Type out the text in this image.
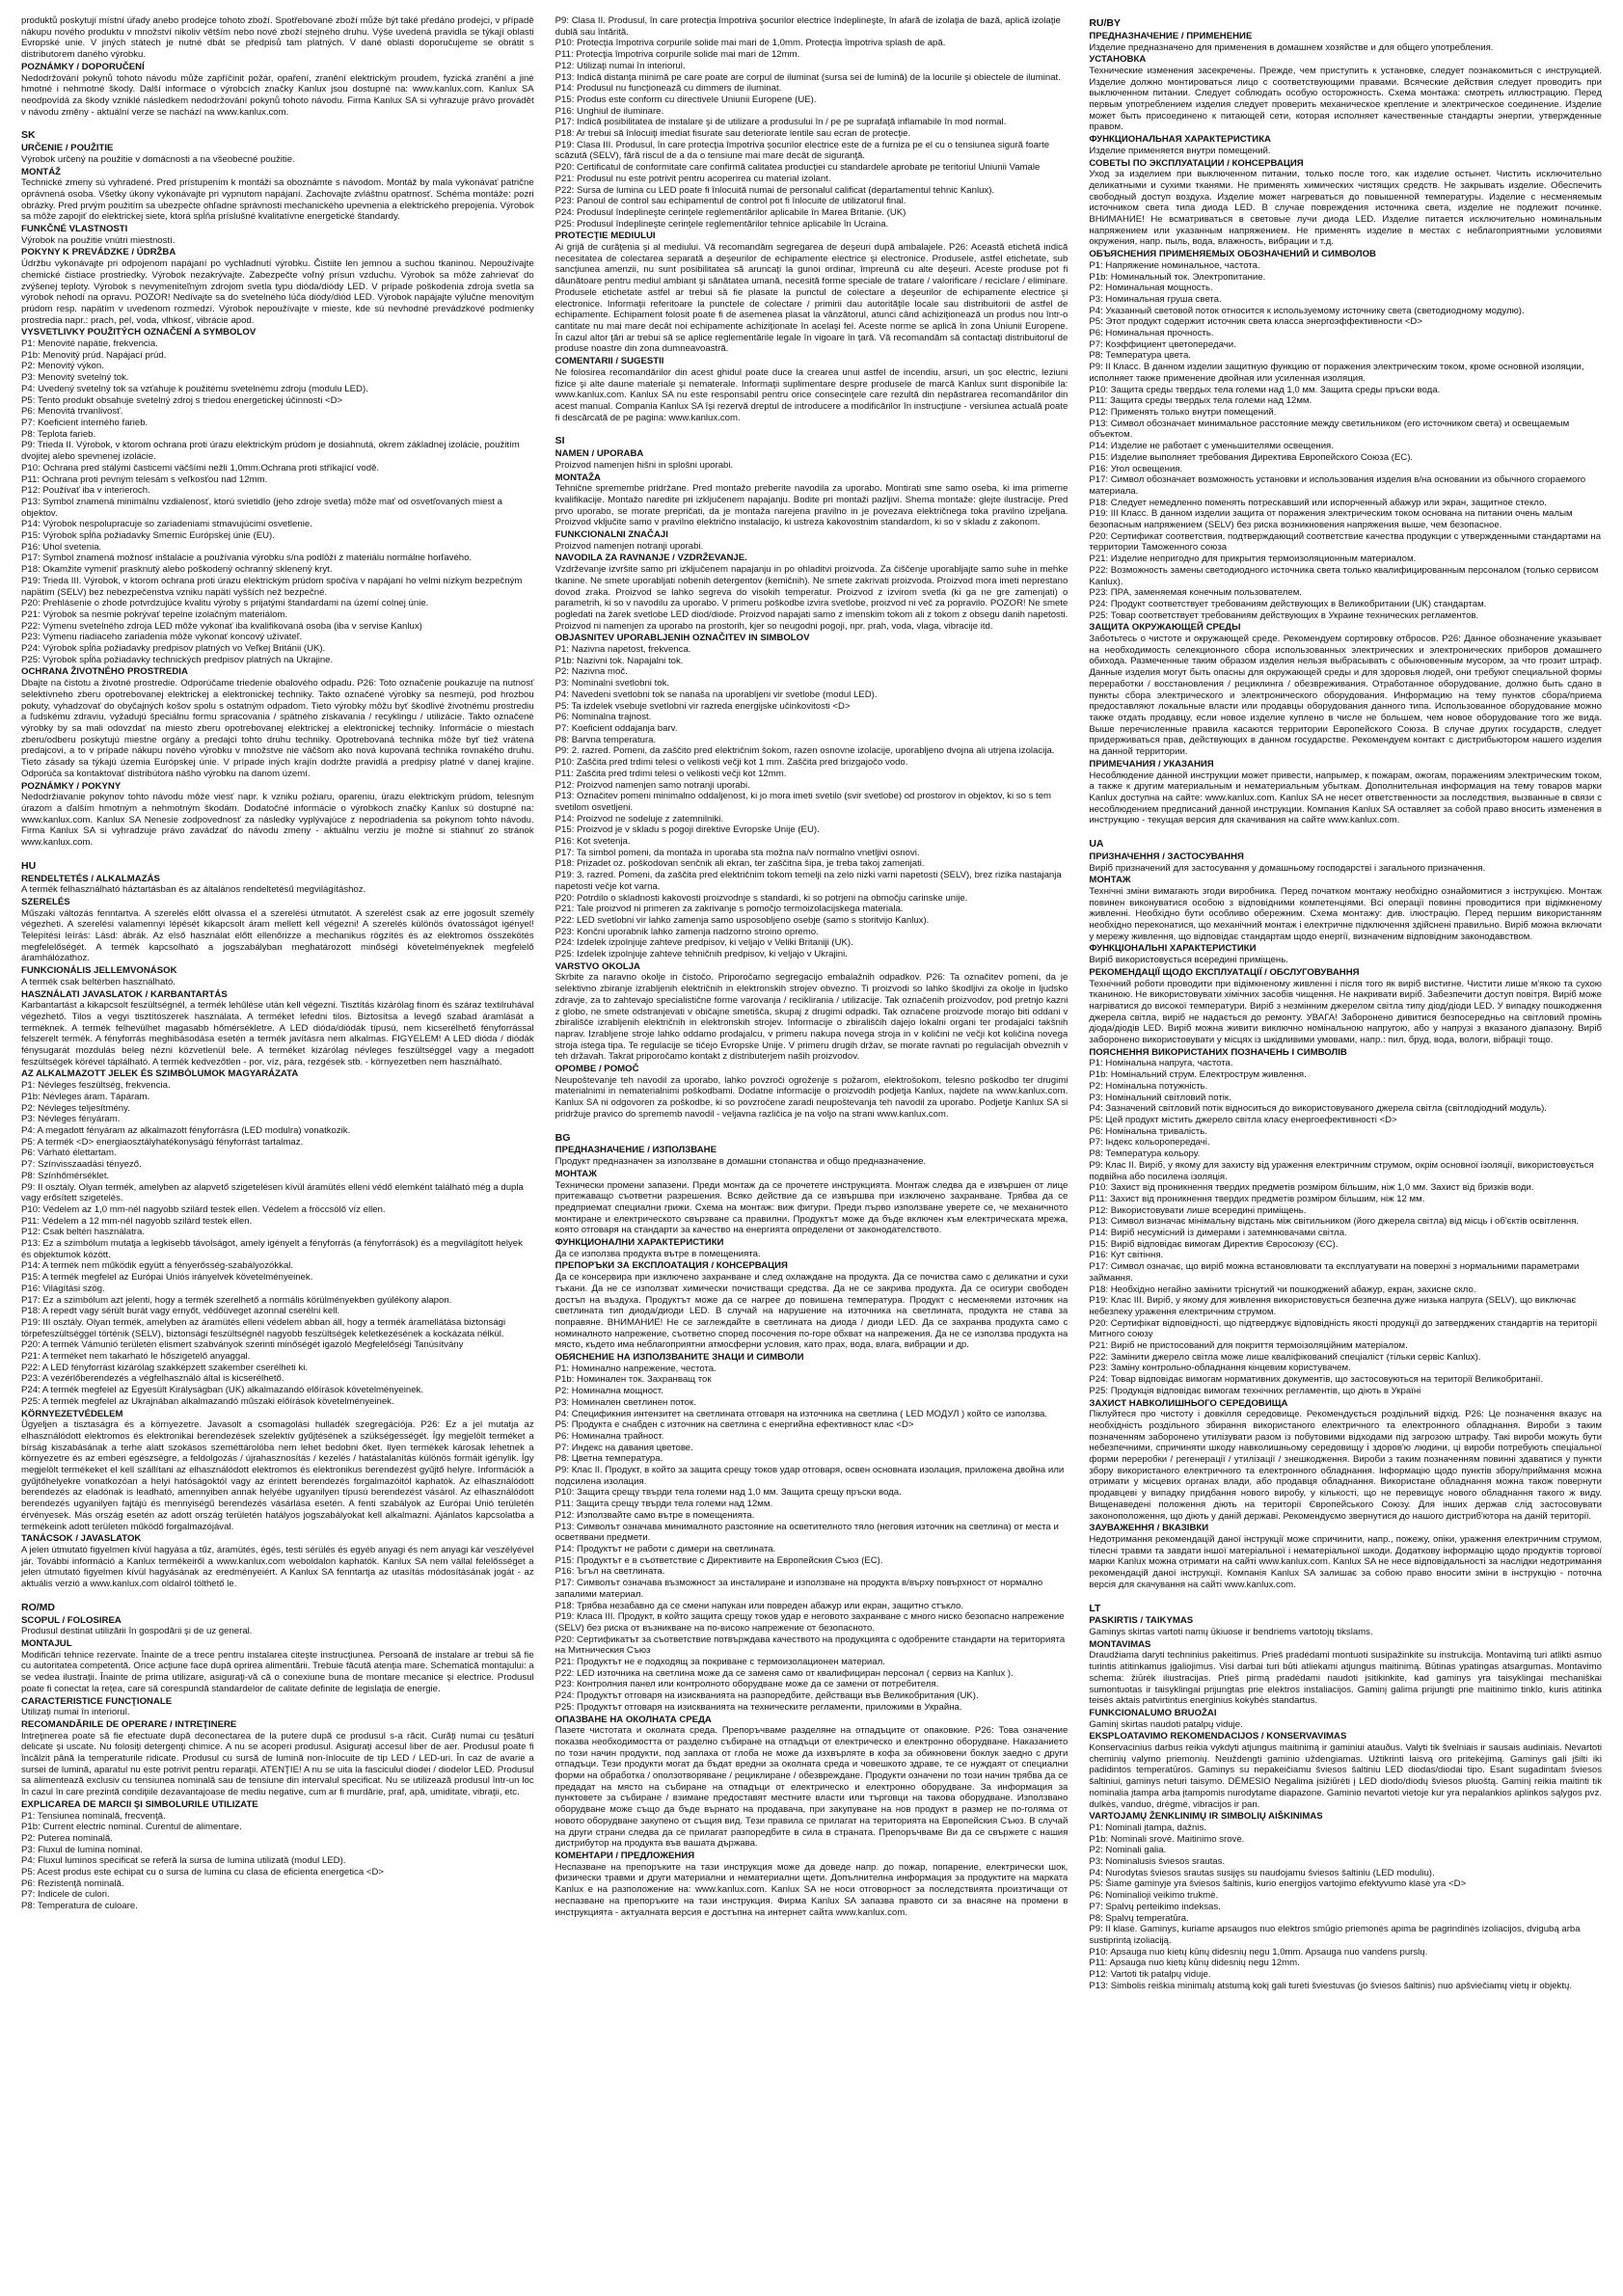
produktů poskytují místní úřady anebo prodejce tohoto zboží. Spotřebované zboží může být také předáno prodejci, v případě nákupu nového produktu v množství nikoliv větším nebo nové zboží stejného druhu. Výše uvedená pravidla se týkají oblasti Evropské unie. V jiných státech je nutné dbát se předpisů tam platných. V dané oblasti doporučujeme se obrátit s distributorem daného výrobku.

POZNÁMKY / DOPORUČENÍ

Nedodržování pokynů tohoto návodu může zapříčinit požár, opaření, zranění elektrickým proudem, fyzická zranění a jiné hmotné i nehmotné škody. Další informace o výrobcích značky Kanlux jsou dostupné na: www.kanlux.com. Kanlux SA neodpovídá za škody vzniklé následkem nedodržování pokynů tohoto návodu. Firma Kanlux SA si vyhrazuje právo provádět v návodu změny - aktuální verze se nachází na www.kanlux.com.

SK
URČENIE / POUŽITIE

Výrobok určený na použitie v domácnosti a na všeobecné použitie.

MONTÁŽ

Technické zmeny sú vyhradené. Pred prístupením k montáži sa oboznámte s návodom. Montáž by mala vykonávať patrične oprávnená osoba. Všetky úkony vykonávajte pri vypnutom napájaní. Zachovajte zvláštnu opatrnosť. Schéma montáže: pozri obrázky. Pred prvým použitím sa ubezpečte ohľadne správnosti mechanického upevnenia a elektrického prepojenia. Výrobok sa môže zapojiť do elektrickej siete, ktorá spĺňa príslušné kvalitatívne energetické štandardy.

FUNKČNÉ VLASTNOSTI

Výrobok na použitie vnútri miestností.

POKYNY K PREVÁDZKE / ÚDRŽBA

Údržbu vykonávajte pri odpojenom napájaní po vychladnutí výrobku. Čistiite len jemnou a suchou tkaninou. Nepoužívajte chemické čistiace prostriedky. Výrobok nezakrývajte. Zabezpečte voľný prísun vzduchu. Výrobok sa môže zahrievať do zvýšenej teploty. Výrobok s nevymeniteľným zdrojom svetla typu dióda/diódy LED. V prípade poškodenia zdroja svetla sa výrobok nehodí na opravu. POZOR! Nedívajte sa do svetelného lúča diódy/diód LED. Výrobok napájajte výlučne menovitým prúdom resp. napätím v uvedenom rozmedzí. Výrobok nepoužívajte v mieste, kde sú nevhodné prevádzkové podmienky prostredia napr.: prach, pel, voda, vlhkosť, vibrácie apod.

VYSVETLIVKY POUŽITÝCH OZNAČENÍ A SYMBOLOV
P1: Menovité napätie, frekvencia.
P1b: Menovitý prúd. Napájací prúd.
P2: Menovitý výkon.
P3: Menovitý svetelný tok.
P4: Uvedený svetelný tok sa vzťahuje k použitému svetelnému zdroju (modulu LED).
P5: Tento produkt obsahuje svetelný zdroj s triedou energetickej účinnosti <D>
P6: Menovitá trvanlivosť.
P7: Koeficient interného farieb.
P8: Teplota farieb.
P9: Trieda II. Výrobok, v ktorom ochrana proti úrazu elektrickým prúdom je dosiahnutá, okrem základnej izolácie, použitím dvojitej alebo spevnenej izolácie.
P10: Ochrana pred stálými časticemi väčšími nežli 1,0mm.Ochrana proti stříkající vodě.
P11: Ochrana proti pevným telesám s veľkosťou nad 12mm.
P12: Používať iba v interieroch.
P13: Symbol znamená minimálnu vzdialenosť, ktorú svietidlo (jeho zdroje svetla) môže mať od osvetľovaných miest a objektov.
P14: Výrobok nespolupracuje so zariadeniami stmavujúcimi osvetlenie.
P15: Výrobok spĺňa požiadavky Smernic Európskej únie (EU).
P16: Uhol svetenia.
P17: Symbol znamená možnosť inštalácie a používania výrobku s/na podlôží z materiálu normálne horľavého.
P18: Okamžite vymeniť prasknutý alebo poškodený ochranný sklenený kryt.
P19: Trieda III. Výrobok, v ktorom ochrana proti úrazu elektrickým prúdom spočíva v napájaní ho velmi nízkym bezpečným napätím (SELV) bez nebezpečenstva vzniku napätí vyšších než bezpečné.
P20: Prehlásenie o zhode potvrdzujúce kvalitu výroby s prijatými štandardami na území colnej únie.
P21: Výrobok sa nesmie pokrývať tepelne izolačným materiálom.
P22: Výmenu svetelného zdroja LED môže vykonať iba kvalifikovaná osoba (iba v servise Kanlux)
P23: Výmenu riadiaceho zariadenia môže vykonať koncový užívateľ.
P24: Výrobok spĺňa požiadavky predpisov platných vo Veľkej Británii (UK).
P25: Výrobok spĺňa požiadavky technických predpisov platných na Ukrajine.
OCHRANA ŽIVOTNÉHO PROSTREDIA

Dbajte na čistotu a životné prostredie. Odporúčame triedenie obalového odpadu. P26: Toto označenie poukazuje na nutnosť selektívneho zberu opotrebovanej elektrickej a elektronickej techniky. Takto označené výrobky sa nesmejú, pod hrozbou pokuty, vyhadzovať do obyčajných košov spolu s ostatným odpadom. Tieto výrobky môžu byť škodlivé životnému prostrediu a ľudskému zdraviu, vyžadujú špeciálnu formu spracovania / spätného získavania / recyklingu / utilizácie. Takto označené výrobky by sa mali odovzdať na miesto zberu opotrebovanej elektrickej a elektronickej techniky. Informácie o miestach zberu/odberu poskytujú miestne orgány a predajci tohto druhu techniky. Opotrebovaná technika môže byť tiež vrátená predajcovi, a to v prípade nákupu nového výrobku v množstve nie väčšom ako nová kupovaná technika rovnakého druhu. Tieto zásady sa týkajú územia Európskej únie. V prípade iných krajín dodržte pravidlá a predpisy platné v danej krajine. Odporúča sa kontaktovať distribútora nášho výrobku na danom území.

POZNÁMKY / POKYNY

Nedodržiavanie pokynov tohto návodu môže viesť napr. k vzniku požiaru, opareniu, úrazu elektrickým prúdom, telesným úrazom a ďalším hmotným a nehmotným škodám. Dodatočné informácie o výrobkoch značky Kanlux sú dostupné na: www.kanlux.com. Kanlux SA Nenesie zodpovednosť za následky vyplývajúce z nepodriadenia sa pokynom tohto návodu. Firma Kanlux SA si vyhradzuje právo zavádzať do návodu zmeny - aktuálnu verziu je možné si stiahnuť zo stránok www.kanlux.com.

HU
RENDELTETÉS / ALKALMAZÁS

A termék felhasználható háztartásban és az általános rendeltetésű megvilágításhoz.

SZERELÉS

Műszaki változás fenntartva. A szerelés előtt olvassa el a szerelési útmutatót. A szerelést csak az erre jogosult személy végezheti. A szerelési valamennyi lépését kikapcsolt áram mellett kell végezni! A szerelés különös óvatosságot igényel! Telepítési leírás: Lásd: ábrák. Az első használat előtt ellenőrizze a mechanikus rögzítés és az elektromos összekötés megfelelőségét. A termék kapcsolható a jogszabályban meghatározott minőségi követelményeknek megfelelő áramhálózathoz.

FUNKCIONÁLIS JELLEMVONÁSOK

A termék csak beltérben használható.

HASZNÁLATI JAVASLATOK / KARBANTARTÁS

Karbantartást a kikapcsolt feszültségnél, a termék lehűlése után kell végezni. Tisztítás kizárólag finom és száraz textilruhával végezhető. Tilos a vegyi tisztítószerek használata. A terméket lefedni tilos. Biztosítsa a levegő szabad áramlását a terméknek. A termék felhevülhet magasabb hőmérsékletre. A LED dióda/diódák típusú, nem kicserélhető fényforrással felszerelt termék. A fényforrás meghibásodása esetén a termék javításra nem alkalmas. FIGYELEM! A LED dióda / diódák fénysugarát mozdulás beleg nézni közvetlenül bele. A terméket kizárólag névleges feszültséggel vagy a megadott feszültségek körével táplálható. A termék kedvezőtlen - por, víz, pára, rezgések stb. - környezetben nem használható.

AZ ALKALMAZOTT JELEK ÉS SZIMBÓLUMOK MAGYARÁZATA
P1: Névleges feszültség, frekvencia.
P1b: Névleges áram. Tápáram.
P2: Névleges teljesítmény.
P3: Névleges fényáram.
P4: A megadott fényáram az alkalmazott fényforrásra (LED modulra) vonatkozik.
P5: A termék <D> energiaosztályhatékonyságú fényforrást tartalmaz.
P6: Várható élettartam.
P7: Színvisszaadási tényező.
P8: Színhőmérséklet.
P9: II osztály. Olyan termék, amelyben az alapvető szigetelésen kívül áramütés elleni védő elemként található még a dupla vagy erősített szigetelés.
P10: Védelem az 1,0 mm-nél nagyobb szilárd testek ellen. Védelem a fröccsölő víz ellen.
P11: Védelem a 12 mm-nél nagyobb szilárd testek ellen.
P12: Csak beltéri használatra.
P13: Ez a szimbólum mutatja a legkisebb távolságot, amely igényelt a fényforrás (a fényforrások) és a megvilágított helyek és objektumok között.
P14: A termék nem működik együtt a fényerősség-szabályozókkal.
P15: A termék megfelel az Európai Uniós irányelvek követelményeinek.
P16: Világítási szög.
P17: Ez a szimbólum azt jelenti, hogy a termék szerelhető a normális körülményekben gyúlékony alapon.
P18: A repedt vagy sérült burát vagy ernyőt, védőüveget azonnal cserélni kell.
P19: III osztály. Olyan termék, amelyben az áramütés elleni védelem abban áll, hogy a termék áramellátása biztonsági törpefeszültséggel történik (SELV), biztonsági feszültségnél nagyobb feszültségek keletkezésének a kockázata nélkül.
P20: A termék Vámunió területén elismert szabványok szerinti minőségét igazoló Megfelelőségi Tanúsítvány
P21: A terméket nem takarható le hőszigetelő anyaggal.
P22: A LED fényforrást kizárólag szakképzett szakember cserélheti ki.
P23: A vezérlőberendezés a végfelhasználó által is kicserélhető.
P24: A termék megfelel az Egyesült Királyságban (UK) alkalmazandó előírások követelményeinek.
P25: A termék megfelel az Ukrajnában alkalmazandó műszaki előírások követelményeinek.
KÖRNYEZETVÉDELEM

Ügyeljen a tisztaságra és a környezetre. Javasolt a csomagolási hulladék szegregációja. P26: Ez a jel mutatja az elhasználódott elektromos és elektronikai berendezések szelektív gyűjtésének a szükségességét. Így megjelölt terméket a bírság kiszabásának a terhe alatt szokásos szeméttárolóba nem lehet bedobni őket. Ilyen termékek károsak lehetnek a környezetre és az emberi egészségre, a feldolgozás / újrahasznosítás / kezelés / hatástalanítás különös formáit igénylik. Így megjelölt termékeket el kell szállítani az elhasználódott elektromos és elektronikus berendezést gyűjtő helyre. Információk a gyűjtőhelyekre vonatkozóan a helyi hatóságoktól vagy az érintett berendezés forgalmazóitól kaphatók. Az elhasználódott berendezés az eladónak is leadható, amennyiben annak helyébe ugyanilyen típusú berendezést vásárol. Az elhasználódott berendezés ugyanilyen fajtájú és mennyiségű berendezés vásárlása esetén. A fenti szabályok az Európai Unió területén érvényesek. Más ország esetén az adott ország területén hatályos jogszabályokat kell alkalmazni. Ajánlatos kapcsolatba a termékeink adott területen működő forgalmazójával.

TANÁCSOK / JAVASLATOK

A jelen útmutató figyelmen kívül hagyása a tűz, áramütés, égés, testi sérülés és egyéb anyagi és nem anyagi kár veszélyével jár. További információ a Kanlux termékeiről a www.kanlux.com weboldalon kaphatók. Kanlux SA nem vállal felelősséget a jelen útmutató figyelmen kívül hagyásának az eredményeiért. A Kanlux SA fenntartja az utasítás módosításának jogát - az aktuális verzió a www.kanlux.com oldalról tölthető le.

RO/MD
SCOPUL / FOLOSIREA

Produsul destinat utilizării în gospodării şi de uz general.

MONTAJUL

Modificări tehnice rezervate. Înainte de a trece pentru instalarea citeşte instrucţiunea. Persoană de instalare ar trebui să fie cu autoritatea competentă. Orice acţiune face după oprirea alimentării. Trebuie făcută atenţia mare. Schematică montajului: a se vedea ilustraţii. Înainte de prima utilizare, asiguraţi-vă că o conexiune buna de montare mecanice şi electrice. Produsul poate fi conectat la reţea, care să corespundă standardelor de calitate definite de legislaţia de energie.

CARACTERISTICE FUNCŢIONALE

Utilizaţi numai în interiorul.

RECOMANDĂRILE DE OPERARE / INTREŢINERE

Intreţinerea poate să fie efectuate după deconectarea de la putere după ce produsul s-a răcit. Curăţi numai cu ţesături delicate şi uscate. Nu folosiţi detergenţi chimice. A nu se acoperi produsul. Asiguraţi accesul liber de aer. Produsul poate fi încălzit până la temperaturile ridicate. Produsul cu sursă de lumină non-înlocuite de tip LED / LED-uri. În caz de avarie a sursei de lumină, aparatul nu este potrivit pentru reparaţii. ATENŢIE! A nu se uita la fasciculul diodei / diodelor LED. Produsul sa alimentează exclusiv cu tensiunea nominală sau de tensiune din intervalul specificat. Nu se utilizează produsul într-un loc în cazul în care prezintă condiţiile dezavantajoase de mediu negative, cum ar fi murdărie, praf, apă, umiditate, vibraţii, etc.

EXPLICAREA DE MARCII ŞI SIMBOLURILE UTILIZATE
P1: Tensiunea nominală, frecvenţă.
P1b: Current electric nominal. Curentul de alimentare.
P2: Puterea nominală.
P3: Fluxul de lumina nominal.
P4: Fluxul luminos specificat se referă la sursa de lumina utilizată (modul LED).
P5: Acest produs este echipat cu o sursa de lumina cu clasa de eficienta energetica <D>
P6: Rezistenţă nominală.
P7: Indicele de culori.
P8: Temperatura de culoare.
P9: Clasa II. Produsul, în care protecţia împotriva şocurilor electrice îndeplineşte, în afară de izolaţia de bază, aplică izolaţie dublă sau întărită.
P10: Protecţia împotriva corpurile solide mai mari de 1,0mm. Protecţia împotriva splash de apă.
P11: Protecţia împotriva corpurile solide mai mari de 12mm.
P12: Utilizaţi numai în interiorul.
P13: Indică distanţa minimă pe care poate are corpul de iluminat (sursa sei de lumină) de la locurile şi obiectele de iluminat.
P14: Produsul nu funcţionează cu dimmers de iluminat.
P15: Produs este conform cu directivele Uniunii Europene (UE).
P16: Unghiul de iluminare.
P17: Indică posibilitatea de instalare şi de utilizare a produsului în / pe pe suprafaţă inflamabile în mod normal.
P18: Ar trebui să înlocuiţi imediat fisurate sau deteriorate lentile sau ecran de protecţie.
P19: Clasa III. Produsul, în care protecţia împotriva şocurilor electrice este de a furniza pe el cu o tensiunea sigură foarte scăzută (SELV), fără riscul de a da o tensiune mai mare decât de siguranţă.
P20: Certificatul de conformitate care confirmă calitatea producţiei cu standardele aprobate pe teritoriul Uniunii Vamale
P21: Produsul nu este potrivit pentru acoperirea cu material izolant.
P22: Sursa de lumina cu LED poate fi înlocuită numai de personalul calificat (departamentul tehnic Kanlux).
P23: Panoul de control sau echipamentul de control pot fi înlocuite de utilizatorul final.
P24: Produsul îndeplineşte cerinţele reglementărilor aplicabile în Marea Britanie. (UK)
P25: Produsul îndeplineşte cerinţele reglementărilor tehnice aplicabile în Ucraina.
PROTECŢIE MEDIULUI

Ai grijă de curăţenia şi al mediului. Vă recomandăm segregarea de deşeuri după ambalajele. P26: Această etichetă indică necesitatea de colectarea separată a deşeurilor de echipamente electrice şi electronice. Produsele, astfel etichetate, sub sancţiunea amenzii, nu sunt posibilitatea să aruncaţi la gunoi ordinar, împreună cu alte deşeuri. Aceste produse pot fi dăunătoare pentru mediul ambiant şi sănătatea umană, necesită forme speciale de tratare / valorificare / reciclare / eliminare. Produsele etichetate astfel ar trebui să fie plasate la punctul de colectare a deşeurilor de echipamente electrice şi electronice. Informaţii referitoare la punctele de colectare / primirii dau autorităţile locale sau distribuitorii de astfel de echipamente. Echipament folosit poate fi de asemenea plasat la vânzătorul, atunci când achiziţionează un produs nou într-o cantitate nu mai mare decât noi echipamente achiziţionate în acelaşi fel. Aceste norme se aplică în zona Uniunii Europene. În cazul altor ţări ar trebui să se aplice reglementările legale în vigoare în ţară. Vă recomandăm să contactaţi distribuitorul de produse noastre din zona dumneavoastră.

COMENTARII / SUGESTII

Ne folosirea recomandărilor din acest ghidul poate duce la crearea unui astfel de incendiu, arsuri, un şoc electric, leziuni fizice şi alte daune materiale şi nematerale. Informaţii suplimentare despre produsele de marcă Kanlux sunt disponibile la: www.kanlux.com. Kanlux SA nu este responsabil pentru orice consecinţele care rezultă din nepăstrarea recomandărilor din acest manual. Compania Kanlux SA îşi rezervă dreptul de introducere a modificărilor în instrucţiune - versiunea actuală poate fi descărcată de pe pagina: www.kanlux.com.

SI
NAMEN / UPORABA

Proizvod namenjen hišni in splošni uporabi.

MONTAŽA

Tehnične spremembe pridržane. Pred montažo preberite navodila za uporabo. Montirati sme samo oseba, ki ima primerne kvalifikacije. Montažo naredite pri izključenem napajanju. Bodite pri montaži pazljivi. Shema montaže: glejte ilustracije. Pred prvo uporabo, se morate prepričati, da je montaža narejena pravilno in je povezava električnega toka pravilno izpeljana. Proizvod vključite samo v pravilno električno instalacijo, ki ustreza kakovostnim standardom, ki so v skladu z zakonom.

FUNKCIONALNI ZNAČAJI

Proizvod namenjen notranji uporabi.

NAVODILA ZA RAVNANJE / VZDRŽEVANJE.

Vzdrževanje izvršite samo pri izključenem napajanju in po ohladitvi proizvoda. Za čiščenje uporabljajte samo suhe in mehke tkanine. Ne smete uporabljati nobenih detergentov (kemičnih). Ne smete zakrivati proizvoda. Proizvod mora imeti neprestano dovod zraka. Proizvod se lahko segreva do visokih temperatur. Proizvod z izvirom svetla (ki ga ne gre zamenjati) o parametrih, ki so v navodilu za uporabo. V primeru poškodbe izvira svetlobe, proizvod ni več za popravilo. POZOR! Ne smete pogledati na žarek svetlobe LED diod/diode. Proizvod napajati samo z imenskim tokom ali z tokom z obsegu danih napetosti. Proizvod ni namenjen za uporabo na prostorih, kjer so neugodni pogoji, npr. prah, voda, vlaga, vibracije itd.

OBJASNITEV UPORABLJENIH OZNAČITEV IN SIMBOLOV
P1: Nazivna napetost, frekvenca.
P1b: Nazivni tok. Napajalni tok.
P2: Nazivna moč.
P3: Nominalni svetlobni tok.
P4: Navedeni svetlobni tok se nanaša na uporabljeni vir svetlobe (modul LED).
P5: Ta izdelek vsebuje svetlobni vir razreda energijske učinkovitosti <D>
P6: Nominalna trajnost.
P7: Koeficient oddajanja barv.
P8: Barvna temperatura.
P9: 2. razred. Pomeni, da zaščito pred električnim šokom, razen osnovne izolacije, uporabljeno dvojna ali utrjena izolacija.
P10: Zaščita pred trdimi telesi o velikosti večji kot 1 mm. Zaščita pred brizgajočo vodo.
P11: Zaščita pred trdimi telesi o velikosti večji kot 12mm.
P12: Proizvod namenjen samo notranji uporabi.
P13: Označitev pomeni minimalno oddaljenost, ki jo mora imeti svetilo (svir svetlobe) od prostorov in objektov, ki so s tem svetilom osvetljeni.
P14: Proizvod ne sodeluje z zatemnilniki.
P15: Proizvod je v skladu s pogoji direktive Evropske Unije (EU).
P16: Kot svetenja.
P17: Ta simbol pomeni, da montaža in uporaba sta možna na/v normalno vnetljivi osnovi.
P18: Prizadet oz. poškodovan senčnik ali ekran, ter zaščitna šipa, je treba takoj zamenjati.
P19: 3. razred. Pomeni, da zaščita pred električnim tokom temelji na zelo nizki varni napetosti (SELV), brez rizika nastajanja napetosti večje kot varna.
P20: Potrdilo o skladnosti kakovosti proizvodnje s standardi, ki so potrjeni na območju carinske unije.
P21: Tale proizvod ni primeren za zakrivanje s pomočjo termoizolacijskega materiala.
P22: LED svetlobni vir lahko zamenja samo usposobljeno osebje (samo s storitvijo Kanlux).
P23: Končni uporabnik lahko zamenja nadzorno stroino opremo.
P24: Izdelek izpolnjuje zahteve predpisov, ki veljajo v Veliki Britaniji (UK).
P25: Izdelek izpolnjuje zahteve tehničnih predpisov, ki veljajo v Ukrajini.
VARSTVO OKOLJA

Skrbite za naravno okolje in čistočo. Priporočamo segregacijo embalažnih odpadkov. P26: Ta označitev pomeni, da je selektivno zbiranje izrabljenih električnih in elektronskih strojev obvezno. Ti proizvodi so lahko škodljivi za okolje in ljudsko zdravje, za to zahtevajo specialistične forme varovanja / reciklirania / utilizacije. Tak označenih proizvodov, pod pretnjo kazni z globo, ne smete odstranjevati v običajne smetiščа, skupaj z drugimi odpadki. Tak označene proizvode morajo biti oddani v zbirališče izrabljenih električnih in elektronskih strojev. Informacije o zbirališčih dajejo lokalni organi ter prodajalci takšnih naprav. Izrabljene stroje lahko oddamo prodajalcu, v primeru nakupa novega stroja in v količini ne večji kot količina novega stroja istega tipa. Te regulacije se tičejo Evropske Unije. V primeru drugih držav, se morate ravnati po regulacijah obveznih v teh državah. Takrat priporočamo kontakt z distributerjem naših proizvodov.

OPOMBE / POMOČ

Neupoštevanje teh navodil za uporabo, lahko povzroči ogroženje s požarom, elektrošokom, telesno poškodbo ter drugimi materialnimi in nematerialnimi poškodbami. Dodatne informacije o proizvodih podjetja Kanlux, najdete na www.kanlux.com. Kanlux SA ni odgovoren za poškodbe, ki so povzročene zaradi neupoštevanja teh navodil za uporabo. Podjetje Kanlux SA si pridržuje pravico do sprememb navodil - veljavna različica je na voljo na strani www.kanlux.com.

BG
ПРЕДНАЗНАЧЕНИЕ / ИЗПОЛЗВАНЕ

Продукт предназначен за използване в домашни стопанства и общо предназначение.

МОНТАЖ

Технически промени запазени. Преди монтаж да се прочетете инструкцията. Монтаж следва да е извършен от лице притежаващо съответни разрешения. Всяко действие да се извършва при изключено захранване. Трябва да се предприемат специални грижи. Схема на монтаж: виж фигури. Преди първо използване уверете се, че механичното монтиране и електрическото свързване са правилни. Продуктът може да бъде включен към електрическата мрежа, която отговаря на стандарти за качество на енергията определени от законодателството.

ФУНКЦИОНАЛНИ ХАРАКТЕРИСТИКИ

Да се използва продукта вътре в помещенията.

ПРЕПОРЪКИ ЗА ЕКСПЛОАТАЦИЯ / КОНСЕРВАЦИЯ

Да се консервира при изключено захранване и след охлаждане на продукта. Да се почиства само с деликатни и сухи тъкани. Да не се използват химически почистващи средства. Да не се закрива продукта. Да се осигури свободен достъп на въздуха. Продуктът може да се нагрее до повишена температура. Продукт с несменяеми източник на светлината тип диода/диоди LED. В случай на нарушение на източника на светлината, продукта не става за поправяне. ВНИМАНИЕ! Не се заглеждайте в светлината на диода / диоди LED. Да се захранва продукта само с номиналното напрежение, съответно според посочения по-горе обхват на напрежения. Да не се използва продукта на място, където има неблагоприятни атмосферни условия, като прах, вода, влага, вибрации и др.

ОБЯСНЕНИЕ НА ИЗПОЛЗВАНИТЕ ЗНАЦИ И СИМВОЛИ
P1: Номинално напрежение, честота.
P1b: Номинален ток. Захранващ ток
P2: Номинална мощност.
P3: Номинален светлинен поток.
P4: Спецификния интензитет на светлината отговаря на източника на светлина ( LED МОДУЛ ) който се използва.
P5: Продукта е снабден с източник на светлина с енергийна ефективност клас <D>
P6: Номинална трайност.
P7: Индекс на давания цветове.
P8: Цветна температура.
P9: Клас II. Продукт, в който за защита срещу токов удар отговаря, освен основната изолация, приложена двойна или подсилена изолация.
P10: Защита срещу твърди тела големи над 1,0 мм. Защита срещу пръски вода.
P11: Защита срещу твърди тела големи над 12мм.
P12: Използвайте само вътре в помещенията.
P13: Символът означава минималното разстояние на осветителното тяло (неговия източник на светлина) от места и осветявани предмети.
P14: Продуктът не работи с димери на светлината.
P15: Продуктът е в съответствие с Директивите на Европейския Съюз (ЕС).
P16: Ъгъл на светлината.
P17: Символът означава възможност за инсталиране и използване на продукта в/върху повърхност от нормално запалими материал.
P18: Трябва незабавно да се смени напукан или повреден абажур или екран, защитно стъкло.
P19: Класа III. Продукт, в който защита срещу токов удар е неговото захранване с много ниско безопасно напрежение (SELV) без риска от възникване на по-високо напрежение от безопасното.
P20: Сертификатът за съответствие потвърждава качеството на продукцията с одобрените стандарти на територията на Митническия Съюз
P21: Продуктът не е подходящ за покриване с термоизолационен материал.
P22: LED източника на светлина може да се заменя само от квалифициран персонал ( сервиз на Kanlux ).
P23: Контролния панел или контролното оборудване може да се замени от потребителя.
P24: Продуктът отговаря на изискванията на разпоредбите, действащи във Великобритания (UK).
P25: Продуктът отговаря на изискванията на техническите регламенти, приложими в Украйна.
ОПАЗВАНЕ НА ОКОЛНАТА СРЕДА

Пазете чистотата и околната среда. Препоръчваме разделяне на отпадъците от опаковкие. P26: Това означение показва необходимостта от разделно събиране на отпадъци от електрическо и електронно оборудване. Наказанието по този начин продукти, под заплаха от глоба не може да изхвърляте в кофа за обикновени боклук заедно с други отпадъци. Тези продукти могат да бъдат вредни за околната среда и човешкото здраве, те се нуждаят от специални форми на обработка / оползотворяване / рециклиране / обезвреждане. Продукти означени по този начин трябва да се предадат на място на събиране на отпадъци от електрическо и електронно оборудване. За информация за пунктовете за събиране / взимане предоставят местните власти или търговци на такова оборудване. Използвано оборудване може също да бъде върнато на продавача, при закупуване на нов продукт в размер не по-голяма от новото оборудване закупено от същия вид. Тези правила се прилагат на територията на Европейския Съюз. В случай на други страни следва да се прилагат разпоредбите в сила в страната. Препоръчваме Ви да се свържете с нашия дистрибутор на продукта във вашата държава.

КОМЕНТАРИ / ПРЕДЛОЖЕНИЯ

Неспазване на препоръките на тази инструкция може да доведе напр. до пожар, попарение, електрически шок, физически травми и други материални и нематериални щети. Допълнителна информация за продуктите на марката Kanlux е на разположение на: www.kanlux.com. Kanlux SA не носи отговорност за последствията произтичащи от неспазване на препоръките на тази инструкция. Фирма Kanlux SA запазва правото си за внасяне на промени в инструкцията - актуалната версия е достъпна на интернет сайта www.kanlux.com.

RU/BY
ПРЕДНАЗНАЧЕНИЕ / ПРИМЕНЕНИЕ

Изделие предназначено для применения в домашнем хозяйстве и для общего употребления.

УСТАНОВКА

Технические изменения засекречены. Прежде, чем приступить к установке, следует познакомиться с инструкцией. Изделие должно монтироваться лицо с соответствующими правами. Всяческие действия следует проводить при выключенном питании. Следует соблюдать особую осторожность. Схема монтажа: смотреть иллюстрацию. Перед первым употреблением изделия следует проверить механическое крепление и электрическое соединение. Изделие может быть присоединено к питающей сети, которая исполняет качественные стандарты энергии, утвержденные правом.

ФУНКЦИОНАЛЬНАЯ ХАРАКТЕРИСТИКА

Изделие применяется внутри помещений.

СОВЕТЫ ПО ЭКСПЛУАТАЦИИ / КОНСЕРВАЦИЯ

Уход за изделием при выключенном питании, только после того, как изделие остынет. Чистить исключительно деликатными и сухими тканями. Не применять химических чистящих средств. Не закрывать изделие. Обеспечить свободный доступ воздуха. Изделие может нагреваться до повышенной температуры. Изделие с несменяемым источником света типа диода LED. В случае повреждения источника света, изделие не подлежит починке. ВНИМАНИЕ! Не всматриваться в световые лучи диода LED. Изделие питается исключительно номинальным напряжением или указанным напряжением. Не применять изделие в местах с неблагоприятными условиями окружения, напр. пыль, вода, влажность, вибрации и т.д.

ОБЪЯСНЕНИЯ ПРИМЕНЯЕМЫХ ОБОЗНАЧЕНИЙ И СИМВОЛОВ
P1: Напряжение номинальное, частота.
P1b: Номинальный ток. Электропитание.
P2: Номинальная мощность.
P3: Номинальная груша света.
P4: Указанный световой поток относится к используемому источнику света (светодиодному модулю).
P5: Этот продукт содержит источник света класса энергоэффективности <D>
P6: Номинальная прочность.
P7: Коэффициент цветопередачи.
P8: Температура цвета.
P9: II Класс. В данном изделии защитную функцию от поражения электрическим током, кроме основной изоляции, исполняет также применение двойная или усиленная изоляция.
P10: Защита среды твердых тела големи над 1,0 мм. Защита среды пръски вода.
P11: Защита среды твердых тела големи над 12мм.
P12: Применять только внутри помещений.
P13: Символ обозначает минимальное расстояние между светильником (его источником света) и освещаемым объектом.
P14: Изделие не работает с уменьшителями освещения.
P15: Изделие выполняет требования Директива Европейского Союза (ЕС).
P16: Угол освещения.
P17: Символ обозначает возможность установки и использования изделия в/на основании из обычного сгораемого материала.
P18: Следует немедленно поменять потрескавший или испорченный абажур или экран, защитное стекло.
P19: III Класс. В данном изделии защита от поражения электрическим током основана на питании очень малым безопасным напряжением (SELV) без риска возникновения напряжения выше, чем безопасное.
P20: Сертификат соответствия, подтверждающий соответствие качества продукции с утвержденными стандартами на территории Таможенного союза
P21: Изделие непригодно для прикрытия термоизоляционным материалом.
P22: Возможность замены светодиодного источника света только квалифицированным персоналом (только сервисом Kanlux).
P23: ПРА, заменяемая конечным пользователем.
P24: Продукт соответствует требованиям действующих в Великобритании (UK) стандартам.
P25: Товар соответствует требованиям действующих в Украине технических регламентов.
ЗАЩИТА ОКРУЖАЮЩЕЙ СРЕДЫ

Заботьтесь о чистоте и окружающей среде. Рекомендуем сортировку отбросов. P26: Данное обозначение указывает на необходимость селекционного сбора использованных электрических и электронических приборов домашнего обихода. Размеченные таким образом изделия нельзя выбрасывать с обыкновенным мусором, за что грозит штраф. Данные изделия могут быть опасны для окружающей среды и для здоровья людей, они требуют специальной формы переработки / восстановления / рециклинга / обезвреживания. Отработанное оборудование, должно быть сдано в пункты сбора электрического и электронического оборудования. Информацию на тему пунктов сбора/приема предоставляют локальные власти или продавцы оборудования данного типа. Использованное оборудование можно также отдать продавцу, если новое изделие куплено в числе не большем, чем новое оборудование того же вида. Выше перечисленные правила касаются территории Европейского Союза. В случае других государств, следует придерживаться прав, действующих в данном государстве. Рекомендуем контакт с дистрибьютором нашего изделия на данной территории.

ПРИМЕЧАНИЯ / УКАЗАНИЯ

Несоблюдение данной инструкции может привести, напрымер, к пожарам, ожогам, поражениям электрическим током, а также к другим материальным и нематериальным убыткам. Дополнительная информация на тему товаров марки Kanlux доступна на сайте: www.kanlux.com. Kanlux SA не несет ответственности за последствия, вызванные в связи с несоблюдением предписаний данной инструкции. Компания Kanlux SA оставляет за собой право вносить изменения в инструкцию - текущая версия для скачивания на сайте www.kanlux.com.

UA
ПРИЗНАЧЕННЯ / ЗАСТОСУВАННЯ

Виріб призначений для застосування у домашньому господарстві і загального призначення.

МОНТАЖ

Технічні зміни вимагають згоди виробника. Перед початком монтажу необхідно ознайомитися з інструкцією. Монтаж повинен виконуватися особою з відповідними компетенціями. Всі операції повинні проводитися при відімкненому живленні. Необхідно бути особливо обережним. Схема монтажу: див. ілюстрацію. Перед першим використанням необхідно переконатися, що механічний монтаж і електричне підключення здійснені правильно. Виріб можна включати у мережу живлення, що відповідає стандартам щодо енергії, визначеним відповідним законодавством.

ФУНКЦІОНАЛЬНІ ХАРАКТЕРИСТИКИ

Виріб використовується всередині приміщень.

РЕКОМЕНДАЦІЇ ЩОДО ЕКСПЛУАТАЦІЇ / ОБСЛУГОВУВАННЯ

Технічний роботи проводити при відімкненому живленні і після того як виріб вистигне. Чистити лише м'якою та сухою тканиною. Не використовувати хімічних засобів чищення. Не накривати виріб. Забезпечити доступ повітря. Виріб може нагріватися до високої температури. Виріб з незмінним джерелом світла типу діод/діоди LED. У випадку пошкодження джерела світла, виріб не надається до ремонту. УВАГА! Заборонено дивитися безпосередньо на світловий промінь діода/діодів LED. Виріб можна живити виключно номінальною напругою, або у напрузі з вказаного діапазону. Виріб заборонено використовувати у місцях із шкідливими умовами, напр.: пил, бруд, вода, вологи, вібрації тощо.

ПОЯСНЕННЯ ВИКОРИСТАНИХ ПОЗНАЧЕНЬ І СИМВОЛІВ
P1: Номінальна напруга, частота.
P1b: Номінальний струм. Електрострум живлення.
P2: Номінальна потужність.
P3: Номінальний світловий потік.
P4: Зазначений світловий потік відноситься до використовуваного джерела світла (світлодіодний модуль).
P5: Цей продукт містить джерело світла класу енергоефективності <D>
P6: Номінальна тривалість.
P7: Індекс кольоропередачі.
P8: Температура кольору.
P9: Клас II. Виріб, у якому для захисту від ураження електричним струмом, окрім основної ізоляції, використовується подвійна або посилена ізоляція.
P10: Захист від проникнення твердих предметів розміром більшим, ніж 1,0 мм. Захист від бризків води.
P11: Захист від проникнення твердих предметів розміром більшим, ніж 12 мм.
P12: Використовувати лише всередині приміщень.
P13: Символ визначає мінімальну відстань між світильником (його джерела світла) від місць і об'єктів освітлення.
P14: Виріб несумісний із димерами і затемнювачами світла.
P15: Виріб відповідає вимогам Директив Євросоюзу (ЄС).
P16: Кут світіння.
P17: Символ означає, що виріб можна встановлювати та експлуатувати на поверхні з нормальними параметрами займання.
P18: Необхідно негайно замінити тріснутий чи пошкоджений абажур, екран, захисне скло.
P19: Клас III. Виріб, у якому для живлення використовується безпечна дуже низька напруга (SELV), що виключає небезпеку ураження електричним струмом.
P20: Сертифікат відповідності, що підтверджує відповідність якості продукції до затверджених стандартів на території Митного союзу
P21: Виріб не пристосований для покриття термоізоляційним матеріалом.
P22: Замінити джерело світла може лише кваліфікований спеціаліст (тільки сервіс Kanlux).
P23: Заміну контрольно-обладнання кінцевим користувачем.
P24: Товар відповідає вимогам нормативних документів, що застосовуються на території Великобританії.
P25: Продукція відповідає вимогам технічних регламентів, що діють в Україні
ЗАХИСТ НАВКОЛИШНЬОГО СЕРЕДОВИЩА

Піклуйтеся про чистоту і довкілля середовище. Рекомендується роздільний відхід. P26: Це позначення вказує на необхідність роздільного збирання використаного електричного та електронного обладнання. Вироби з таким позначенням заборонено утилізувати разом із побутовими відходами під загрозою штрафу. Такі вироби можуть бути небезпечними, спричиняти шкоду навколишньому середовищу і здоров'ю людини, ці вироби потребують спеціальної форми переробки / регенерації / утилізації / знешкодження. Вироби з таким позначенням повинні здаватися у пункти збору використаного електричного та електронного обладнання. Інформацію щодо пунктів збору/приймання можна отримати у місцевих органах влади, або продавця обладнання. Використане обладнання можна також повернути продавцеві у випадку придбання нового виробу, у кількості, що не перевищує нового обладнання такого ж виду. Вищенаведені положення діють на території Європейського Союзу. Для інших держав слід застосовувати законоположення, що діють у даній державі. Рекомендуємо звернутися до нашого дистриб'ютора на даній території.

ЗАУВАЖЕННЯ / ВКАЗІВКИ

Недотримання рекомендацій даної інструкції може спричинити, напр., пожежу, опіки, ураження електричним струмом, тілесні травми та завдати іншої матеріальної і нематеріальної шкоди. Додаткову інформацію щодо продуктів торгової марки Kanlux можна отримати на сайті www.kanlux.com. Kanlux SA не несе відповідальності за наслідки недотримання рекомендацій даної інструкції. Компанія Kanlux SA залишає за собою право вносити зміни в інструкцію - поточна версія для скачування на сайті www.kanlux.com.

LT
PASKIRTIS / TAIKYMAS

Gaminys skirtas vartoti namų ūkiuose ir bendriems vartotojų tikslams.

MONTAVIMAS

Draudžiama daryti techninius pakeitimus. Prieš pradėdami montuoti susipažinkite su instrukcija. Montavimą turi atlikti asmuo turintis atitinkamus įgaliojimus. Visi darbai turi būti atliekami atjungus maitinimą. Būtinas ypatingas atsargumas. Montavimo schema: žiūrėk iliustracijas. Prieš pirmą pradėdami naudoti įsitikinkite, kad gaminys yra taisyklingai mechaniškai sumontuotas ir taisyklingai prijungtas prie elektros instaliacijos. Gaminį galima prijungti prie maitinimo tinklo, kuris atitinka teisės aktais patvirtintus energinius kokybės standartus.

FUNKCIONALUMO BRUOŽAI

Gaminį skirtas naudoti patalpų viduje.

EKSPLOATAVIMO REKOMENDACIJOS / KONSERVAVIMAS

Konservacinius darbus reikia vykdyti atjungus maitinimą ir gaminiui atauðus. Valyti tik švelniais ir sausais audiniais. Nevartoti cheminių valymo priemonių. Neuždengti gaminio uždengiamas. Užtikrinti laisvą oro pritekėjimą. Gaminys gali įšilti iki padidintos temperatūros. Gaminys su nepakeičiamu šviesos šaltiniu LED diodas/diodai tipo. Esant sugadintam šviesos šaltiniui, gaminys neturi taisymo. DĖMESIO Negalima įsižiūrėti į LED diodo/diodų šviesos pluoštą. Gaminį reikia maitinti tik nominalia įtampa arba įtampomis nurodytame diapazone. Gaminio nevartoti vietoje kur yra nepalankios aplinkos sąlygos pvz. dulkės, vanduo, drėgmė, vibracijos ir pan.

VARTOJAMŲ ŽENKLINIMŲ IR SIMBOLIŲ AIŠKINIMAS
P1: Nominali įtampa, dažnis.
P1b: Nominali srovė. Maitinimo srovė.
P2: Nominali galia.
P3: Nominalusis šviesos srautas.
P4: Nurodytas šviesos srautas susijęs su naudojamu šviesos šaltiniu (LED moduliu).
P5: Šiame gaminyje yra šviesos šaltinis, kurio energijos vartojimo efektyvumo klasė yra <D>
P6: Nominalioji veikimo trukmė.
P7: Spalvų perteikimo indeksas.
P8: Spalvų temperatūra.
P9: II klasė. Gaminys, kuriame apsaugos nuo elektros smūgio priemonės apima be pagrindinės izoliacijos, dvigubą arba sustiprintą izoliaciją.
P10: Apsauga nuo kietų kūnų didesnių negu 1,0mm. Apsauga nuo vandens purslų.
P11: Apsauga nuo kietų kūnų didesnių negu 12mm.
P12: Vartoti tik patalpų viduje.
P13: Simbolis reiškia minimalų atstumą kokį gali turėti šviestuvas (jo šviesos šaltinis) nuo apšviečiamų vietų ir objektų.
